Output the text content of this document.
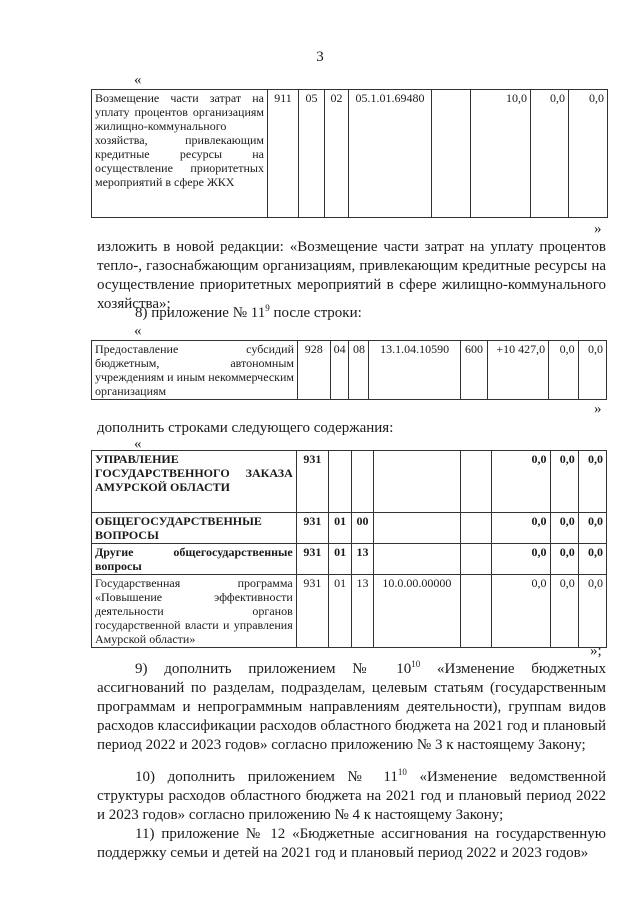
3
«
Возмещение части затрат на уплату процентов организациям жилищно-коммунального хозяйства, привлекающим кредитные ресурсы на осуществление приоритетных мероприятий в сфере ЖКХ	911	05	02	05.1.01.69480		10,0	0,0	0,0
»
изложить в новой редакции: «Возмещение части затрат на уплату процентов тепло-, газоснабжающим организациям, привлекающим кредитные ресурсы на осуществление приоритетных мероприятий в сфере жилищно-коммунального хозяйства»;
8) приложение № $11^9$ после строки:
«
Предоставление субсидий бюджетным, автономным учреждениям и иным некоммерческим организациям	928	04	08	13.1.04.10590	600	+10 427,0	0,0	0,0
»
дополнить строками следующего содержания:
«
УПРАВЛЕНИЕ ГОСУДАРСТВЕННОГО ЗАКАЗА АМУРСКОЙ ОБЛАСТИ	931					0,0	0,0	0,0
ОБЩЕГОСУДАРСТВЕННЫЕ ВОПРОСЫ	931	01	00			0,0	0,0	0,0
Другие общегосударственные вопросы	931	01	13			0,0	0,0	0,0
Государственная программа «Повышение эффективности деятельности органов государственной власти и управления Амурской области»	931	01	13	10.0.00.00000		0,0	0,0	0,0
»;
9) дополнить приложением № $10^{10}$ «Изменение бюджетных ассигнований по разделам, подразделам, целевым статьям (государственным программам и непрограммным направлениям деятельности), группам видов расходов классификации расходов областного бюджета на 2021 год и плановый период 2022 и 2023 годов» согласно приложению № 3 к настоящему Закону;
10) дополнить приложением № $11^{10}$ «Изменение ведомственной структуры расходов областного бюджета на 2021 год и плановый период 2022 и 2023 годов» согласно приложению № 4 к настоящему Закону;
11) приложение № 12 «Бюджетные ассигнования на государственную поддержку семьи и детей на 2021 год и плановый период 2022 и 2023 годов»
